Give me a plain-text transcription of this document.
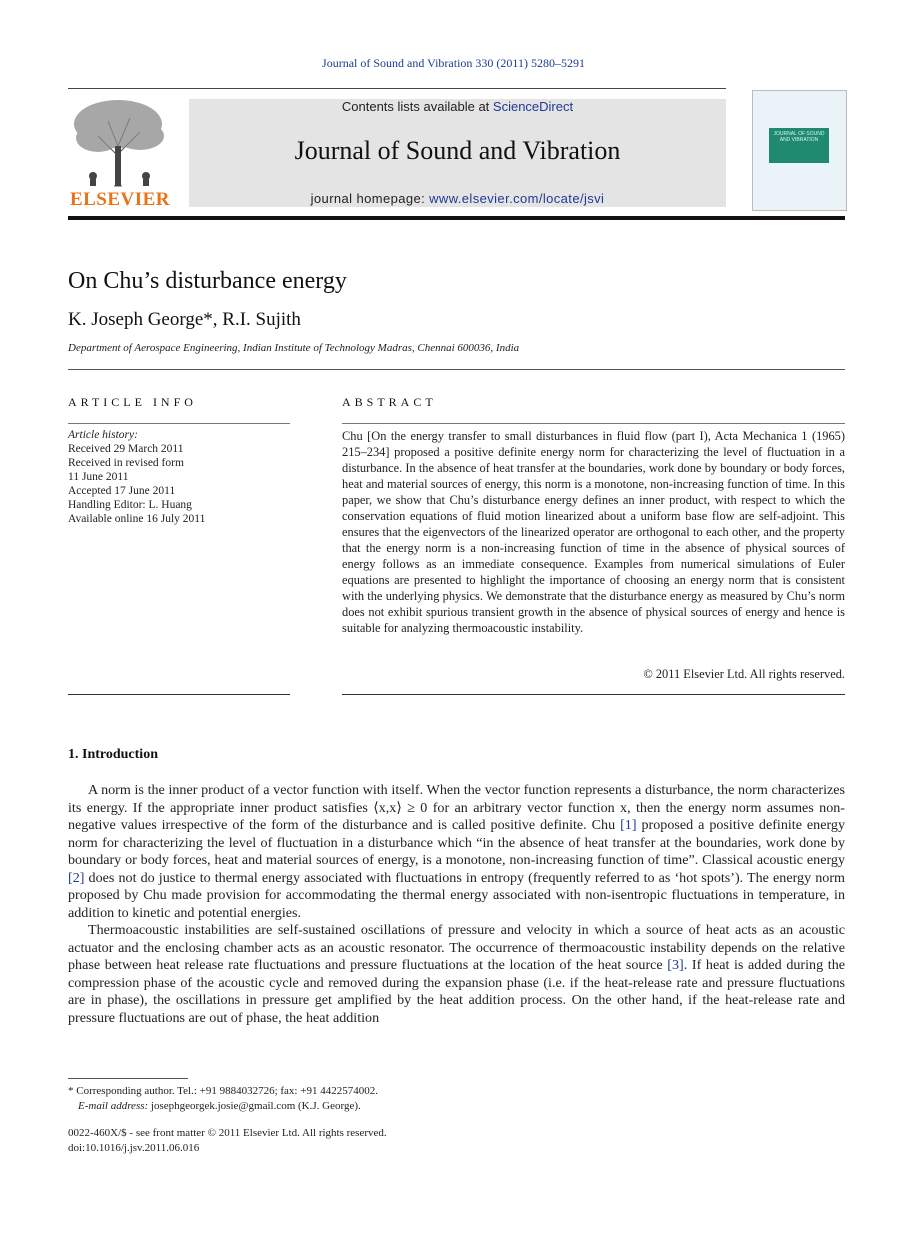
Journal of Sound and Vibration 330 (2011) 5280–5291
ELSEVIER
Contents lists available at ScienceDirect
Journal of Sound and Vibration
journal homepage: www.elsevier.com/locate/jsvi
JOURNAL OF SOUND AND VIBRATION
On Chu’s disturbance energy
K. Joseph George*, R.I. Sujith
Department of Aerospace Engineering, Indian Institute of Technology Madras, Chennai 600036, India
ARTICLE INFO
Article history:
Received 29 March 2011
Received in revised form
11 June 2011
Accepted 17 June 2011
Handling Editor: L. Huang
Available online 16 July 2011
ABSTRACT
Chu [On the energy transfer to small disturbances in fluid flow (part I), Acta Mechanica 1 (1965) 215–234] proposed a positive definite energy norm for characterizing the level of fluctuation in a disturbance. In the absence of heat transfer at the boundaries, work done by boundary or body forces, heat and material sources of energy, this norm is a monotone, non-increasing function of time. In this paper, we show that Chu’s disturbance energy defines an inner product, with respect to which the conservation equations of fluid motion linearized about a uniform base flow are self-adjoint. This ensures that the eigenvectors of the linearized operator are orthogonal to each other, and the property that the energy norm is a non-increasing function of time in the absence of physical sources of energy follows as an immediate consequence. Examples from numerical simulations of Euler equations are presented to highlight the importance of choosing an energy norm that is consistent with the underlying physics. We demonstrate that the disturbance energy as measured by Chu’s norm does not exhibit spurious transient growth in the absence of physical sources of energy and hence is suitable for analyzing thermoacoustic instability.
© 2011 Elsevier Ltd. All rights reserved.
1. Introduction

A norm is the inner product of a vector function with itself. When the vector function represents a disturbance, the norm characterizes its energy. If the appropriate inner product satisfies ⟨x,x⟩ ≥ 0 for an arbitrary vector function x, then the energy norm assumes non-negative values irrespective of the form of the disturbance and is called positive definite. Chu [1] proposed a positive definite energy norm for characterizing the level of fluctuation in a disturbance which “in the absence of heat transfer at the boundaries, work done by boundary or body forces, heat and material sources of energy, is a monotone, non-increasing function of time”. Classical acoustic energy [2] does not do justice to thermal energy associated with fluctuations in entropy (frequently referred to as ‘hot spots’). The energy norm proposed by Chu made provision for accommodating the thermal energy associated with non-isentropic fluctuations in temperature, in addition to kinetic and potential energies.

Thermoacoustic instabilities are self-sustained oscillations of pressure and velocity in which a source of heat acts as an acoustic actuator and the enclosing chamber acts as an acoustic resonator. The occurrence of thermoacoustic instability depends on the relative phase between heat release rate fluctuations and pressure fluctuations at the location of the heat source [3]. If heat is added during the compression phase of the acoustic cycle and removed during the expansion phase (i.e. if the heat-release rate and pressure fluctuations are in phase), the oscillations in pressure get amplified by the heat addition process. On the other hand, if the heat-release rate and pressure fluctuations are out of phase, the heat addition

* Corresponding author. Tel.: +91 9884032726; fax: +91 4422574002.
E-mail address: josephgeorgek.josie@gmail.com (K.J. George).
0022-460X/$ - see front matter © 2011 Elsevier Ltd. All rights reserved.
doi:10.1016/j.jsv.2011.06.016
